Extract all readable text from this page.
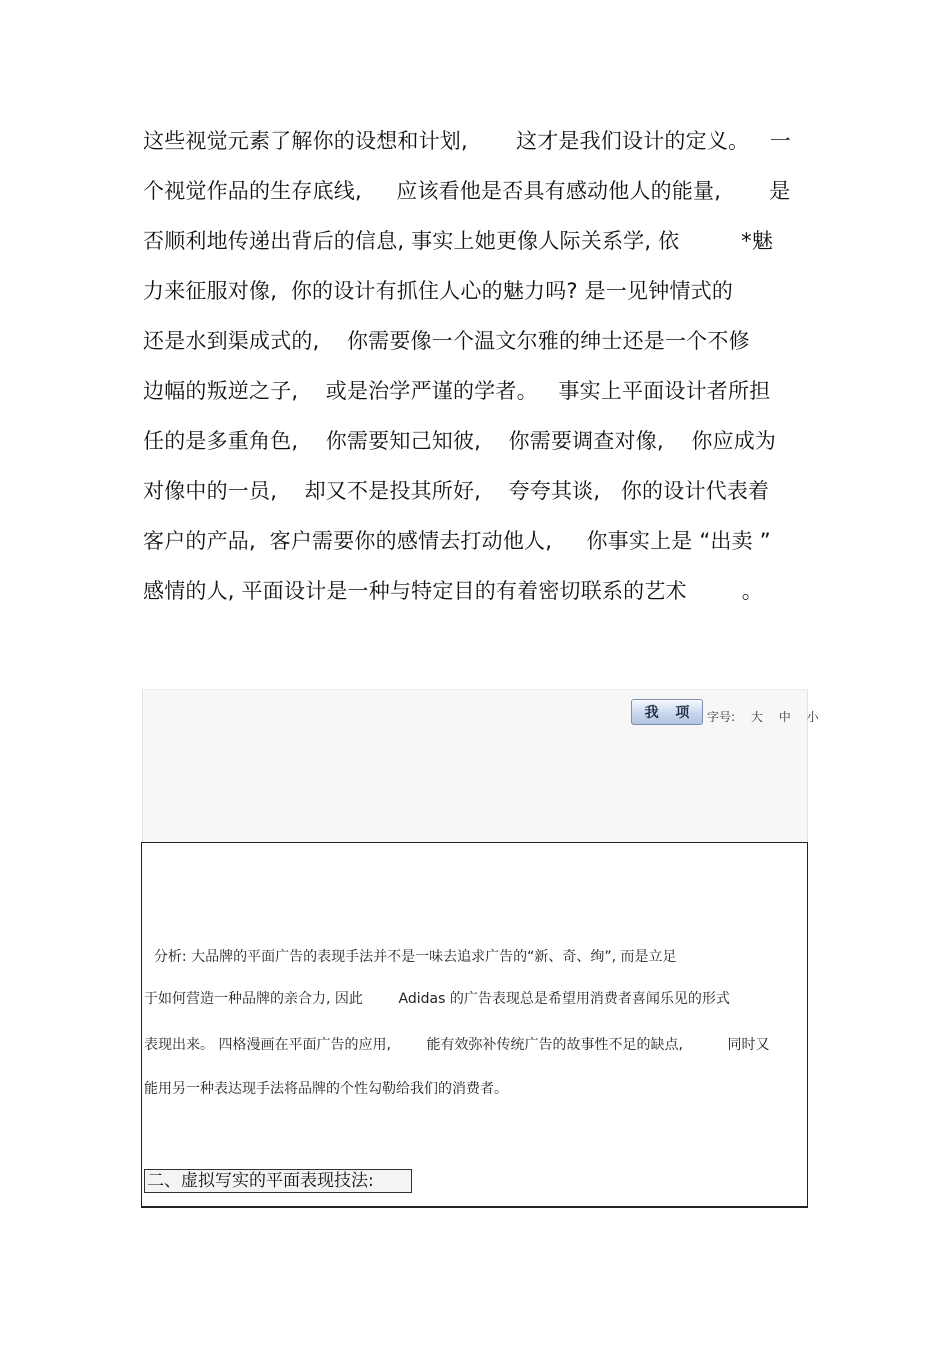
这些视觉元素了解你的设想和计划,       这才是我们设计的定义。   一
个视觉作品的生存底线,     应该看他是否具有感动他人的能量,       是
否顺利地传递出背后的信息, 事实上她更像人际关系学, 依         *魅
力来征服对像,  你的设计有抓住人心的魅力吗? 是一见钟情式的
还是水到渠成式的,    你需要像一个温文尔雅的绅士还是一个不修
边幅的叛逆之子,    或是治学严谨的学者。   事实上平面设计者所担
任的是多重角色,    你需要知己知彼,    你需要调查对像,    你应成为
对像中的一员,    却又不是投其所好,    夸夸其谈,   你的设计代表着
客户的产品,  客户需要你的感情去打动他人,     你事实上是 “出卖 ”
感情的人, 平面设计是一种与特定目的有着密切联系的艺术        。
我 项 字号: 大 中 小
分析: 大品牌的平面广告的表现手法并不是一味去追求广告的“新、奇、绚”, 而是立足
于如何营造一种品牌的亲合力, 因此        Adidas 的广告表现总是希望用消费者喜闻乐见的形式
表现出来。 四格漫画在平面广告的应用,        能有效弥补传统广告的故事性不足的缺点,          同时又
能用另一种表达现手法将品牌的个性勾勒给我们的消费者。
二、虚拟写实的平面表现技法:
